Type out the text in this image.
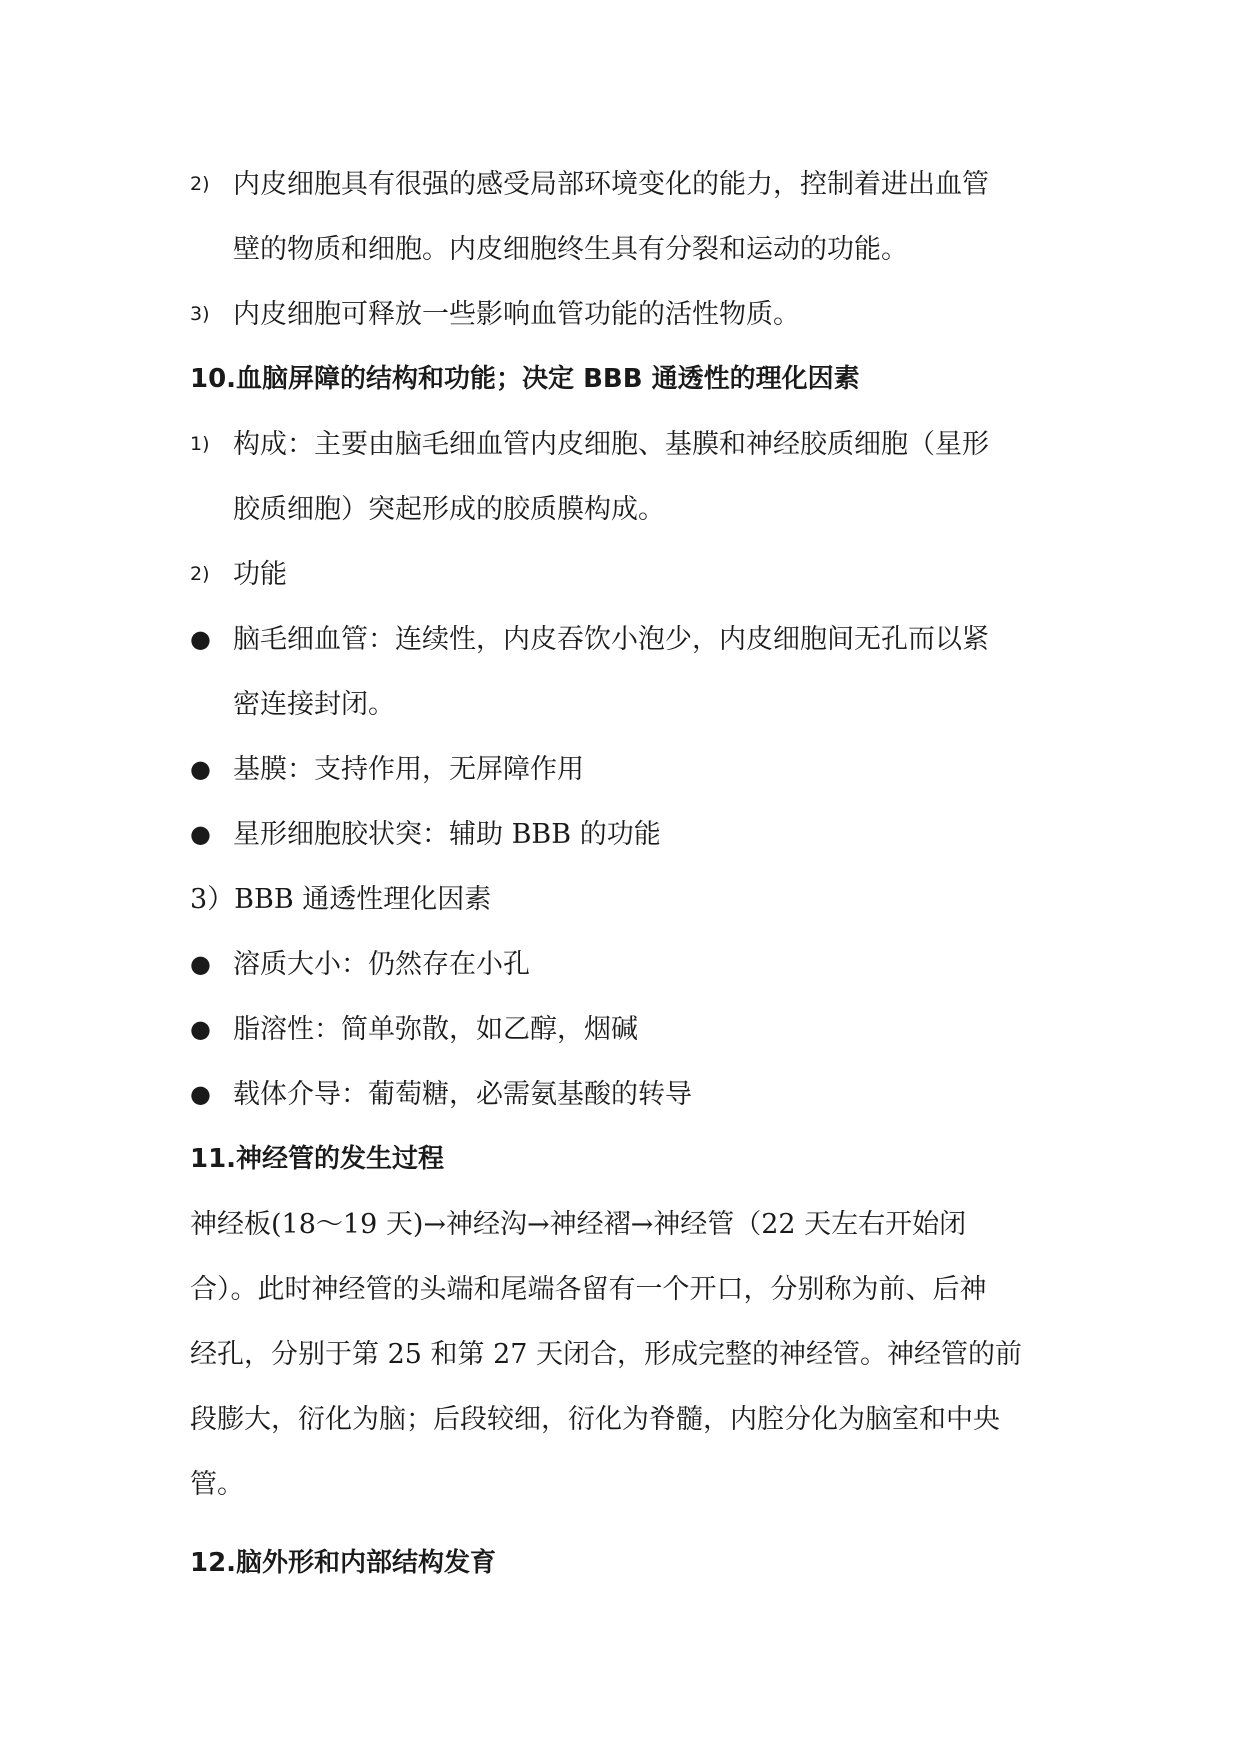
2) 内皮细胞具有很强的感受局部环境变化的能力，控制着进出血管
壁的物质和细胞。内皮细胞终生具有分裂和运动的功能。
3) 内皮细胞可释放一些影响血管功能的活性物质。
10.血脑屏障的结构和功能；决定 BBB 通透性的理化因素
1) 构成：主要由脑毛细血管内皮细胞、基膜和神经胶质细胞（星形
胶质细胞）突起形成的胶质膜构成。
2) 功能
● 脑毛细血管：连续性，内皮吞饮小泡少，内皮细胞间无孔而以紧
密连接封闭。
● 基膜：支持作用，无屏障作用
● 星形细胞胶状突：辅助 BBB 的功能
3）BBB 通透性理化因素
● 溶质大小：仍然存在小孔
● 脂溶性：简单弥散，如乙醇，烟碱
● 载体介导：葡萄糖，必需氨基酸的转导
11.神经管的发生过程
神经板(18～19 天)→神经沟→神经褶→神经管（22 天左右开始闭
合）。此时神经管的头端和尾端各留有一个开口，分别称为前、后神
经孔，分别于第 25 和第 27 天闭合，形成完整的神经管。神经管的前
段膨大，衍化为脑；后段较细，衍化为脊髓，内腔分化为脑室和中央
管。
12.脑外形和内部结构发育
